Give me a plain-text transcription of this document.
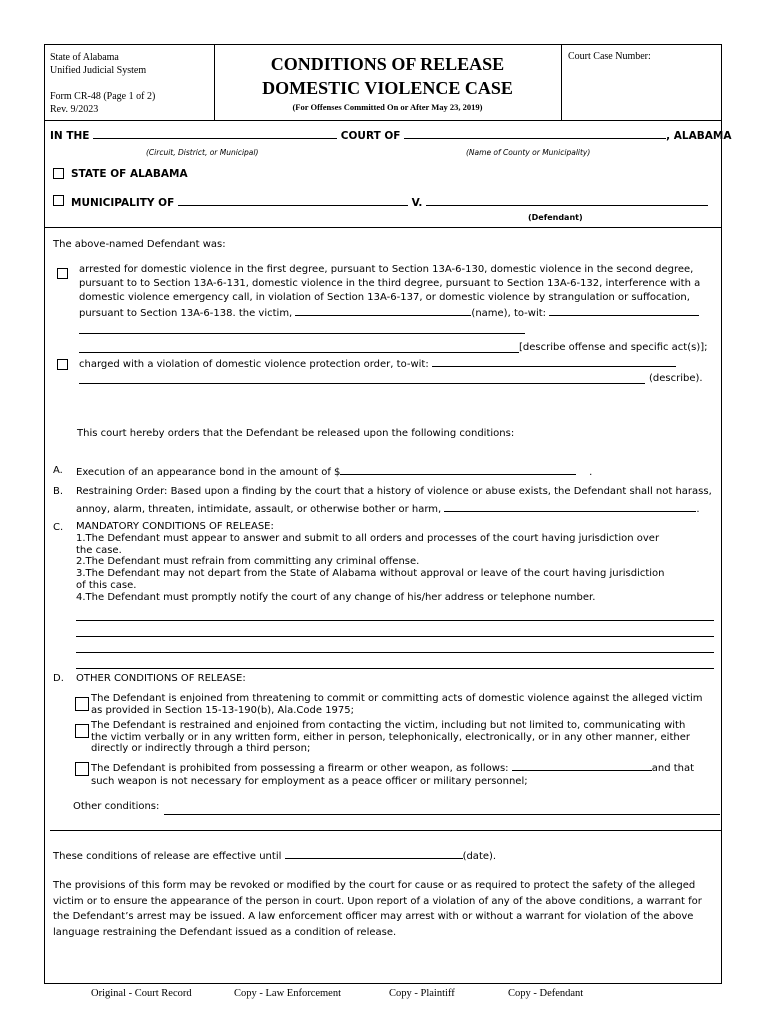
State of Alabama
Unified Judicial System
Form CR-48 (Page 1 of 2)
Rev. 9/2023
CONDITIONS OF RELEASE
DOMESTIC VIOLENCE CASE
(For Offenses Committed On or After May 23, 2019)
Court Case Number:
IN THE	COURT OF	, ALABAMA
(Circuit, District, or Municipal)	(Name of County or Municipality)
STATE OF ALABAMA
MUNICIPALITY OF	V.
(Defendant)
The above-named Defendant was:
arrested for domestic violence in the first degree, pursuant to Section 13A-6-130, domestic violence in the second degree,
pursuant to to Section 13A-6-131, domestic violence in the third degree, pursuant to Section 13A-6-132, interference with a
domestic violence emergency call, in violation of Section 13A-6-137, or domestic violence by strangulation or suffocation,
pursuant to Section 13A-6-138. the victim,	(name), to-wit:
[describe offense and specific act(s)];
charged with a violation of domestic violence protection order, to-wit:
(describe).
This court hereby orders that the Defendant be released upon the following conditions:
A. Execution of an appearance bond in the amount of $	.
B. Restraining Order: Based upon a finding by the court that a history of violence or abuse exists, the Defendant shall not harass,
annoy, alarm, threaten, intimidate, assault, or otherwise bother or harm,	.
C. MANDATORY CONDITIONS OF RELEASE:
1.The Defendant must appear to answer and submit to all orders and processes of the court having jurisdiction over
the case.
2.The Defendant must refrain from committing any criminal offense.
3.The Defendant may not depart from the State of Alabama without approval or leave of the court having jurisdiction
of this case.
4.The Defendant must promptly notify the court of any change of his/her address or telephone number.
D. OTHER CONDITIONS OF RELEASE:
The Defendant is enjoined from threatening to commit or committing acts of domestic violence against the alleged victim
as provided in Section 15-13-190(b), Ala.Code 1975;
The Defendant is restrained and enjoined from contacting the victim, including but not limited to, communicating with
the victim verbally or in any written form, either in person, telephonically, electronically, or in any other manner, either
directly or indirectly through a third person;
The Defendant is prohibited from possessing a firearm or other weapon, as follows:	and that
such weapon is not necessary for employment as a peace officer or military personnel;
Other conditions:
These conditions of release are effective until	(date).
The provisions of this form may be revoked or modified by the court for cause or as required to protect the safety of the alleged
victim or to ensure the appearance of the person in court. Upon report of a violation of any of the above conditions, a warrant for
the Defendant’s arrest may be issued. A law enforcement officer may arrest with or without a warrant for violation of the above
language restraining the Defendant issued as a condition of release.
Original - Court Record	Copy - Law Enforcement	Copy - Plaintiff	Copy - Defendant
